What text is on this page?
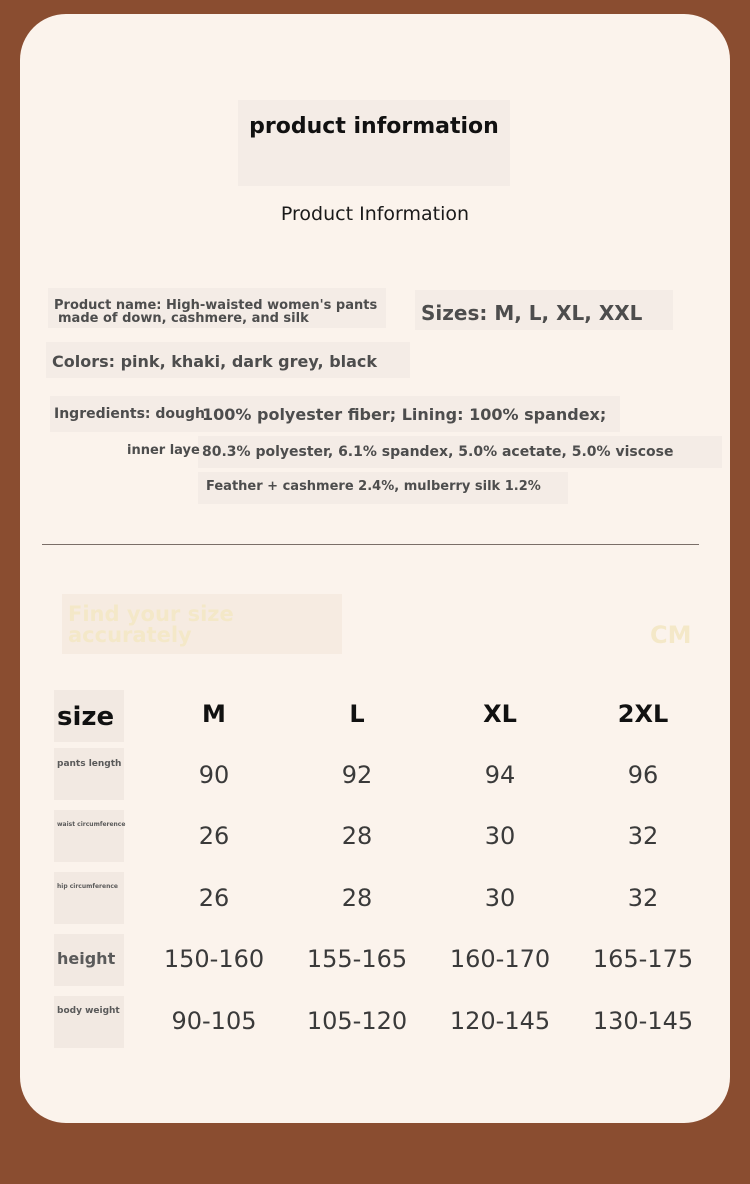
product information
Product Information
Product name: High-waisted women's pants
made of down, cashmere, and silk	Sizes: M, L, XL, XXL
Colors: pink, khaki, dark grey, black
Ingredients: dough
100% polyester fiber; Lining: 100% spandex;
inner laye 80.3% polyester, 6.1% spandex, 5.0% acetate, 5.0% viscose
Feather + cashmere 2.4%, mulberry silk 1.2%
Find your size
accurately	CM
size	M	L	XL	2XL
pants length	90	92	94	96
waist circumference	26	28	30	32
hip circumference	26	28	30	32
height	150-160	155-165	160-170	165-175
body weight	90-105	105-120	120-145	130-145
